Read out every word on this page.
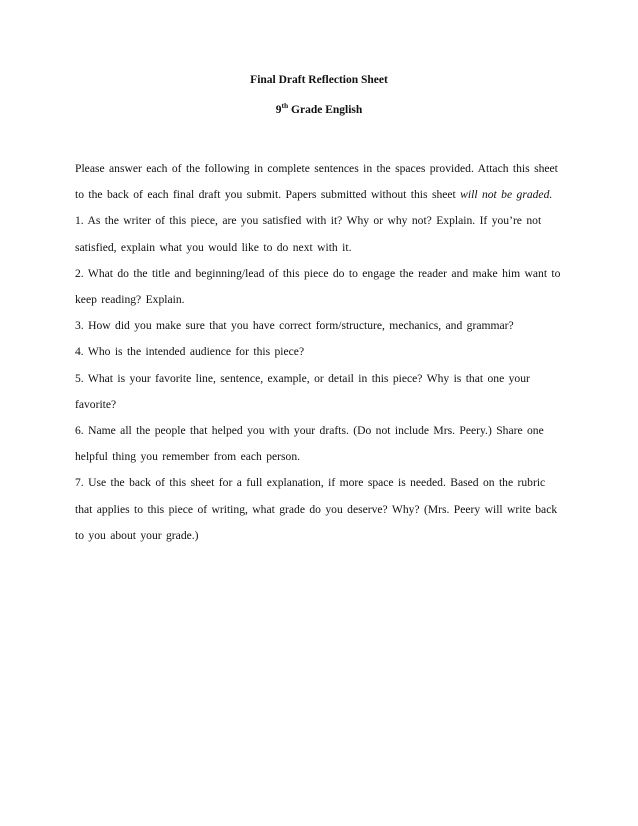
Final Draft Reflection Sheet
9th Grade English

Please answer each of the following in complete sentences in the spaces provided. Attach this sheet to the back of each final draft you submit. Papers submitted without this sheet will not be graded.

1. As the writer of this piece, are you satisfied with it? Why or why not? Explain. If you’re not satisfied, explain what you would like to do next with it.

2. What do the title and beginning/lead of this piece do to engage the reader and make him want to keep reading? Explain.

3. How did you make sure that you have correct form/structure, mechanics, and grammar?

4. Who is the intended audience for this piece?

5. What is your favorite line, sentence, example, or detail in this piece? Why is that one your favorite?

6. Name all the people that helped you with your drafts. (Do not include Mrs. Peery.) Share one helpful thing you remember from each person.

7. Use the back of this sheet for a full explanation, if more space is needed. Based on the rubric that applies to this piece of writing, what grade do you deserve? Why? (Mrs. Peery will write back to you about your grade.)
